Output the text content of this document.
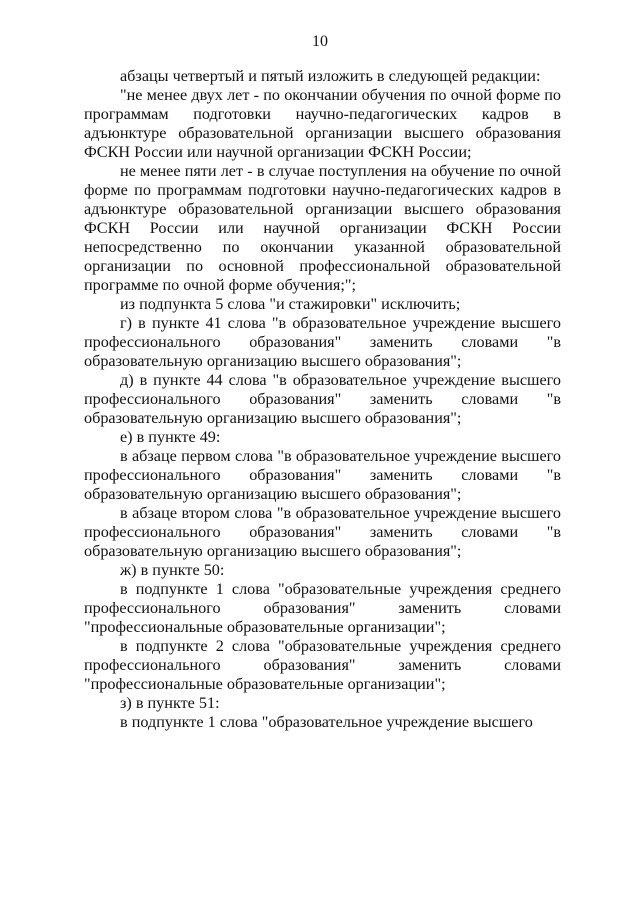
10

абзацы четвертый и пятый изложить в следующей редакции:

"не менее двух лет - по окончании обучения по очной форме по программам подготовки научно-педагогических кадров в адъюнктуре образовательной организации высшего образования ФСКН России или научной организации ФСКН России;

не менее пяти лет - в случае поступления на обучение по очной форме по программам подготовки научно-педагогических кадров в адъюнктуре образовательной организации высшего образования ФСКН России или научной организации ФСКН России непосредственно по окончании указанной образовательной организации по основной профессиональной образовательной программе по очной форме обучения;";

из подпункта 5 слова "и стажировки" исключить;

г) в пункте 41 слова "в образовательное учреждение высшего профессионального образования" заменить словами "в образовательную организацию высшего образования";

д) в пункте 44 слова "в образовательное учреждение высшего профессионального образования" заменить словами "в образовательную организацию высшего образования";

е) в пункте 49:

в абзаце первом слова "в образовательное учреждение высшего профессионального образования" заменить словами "в образовательную организацию высшего образования";

в абзаце втором слова "в образовательное учреждение высшего профессионального образования" заменить словами "в образовательную организацию высшего образования";

ж) в пункте 50:

в подпункте 1 слова "образовательные учреждения среднего профессионального образования" заменить словами "профессиональные образовательные организации";

в подпункте 2 слова "образовательные учреждения среднего профессионального образования" заменить словами "профессиональные образовательные организации";

з) в пункте 51:

в подпункте 1 слова "образовательное учреждение высшего
